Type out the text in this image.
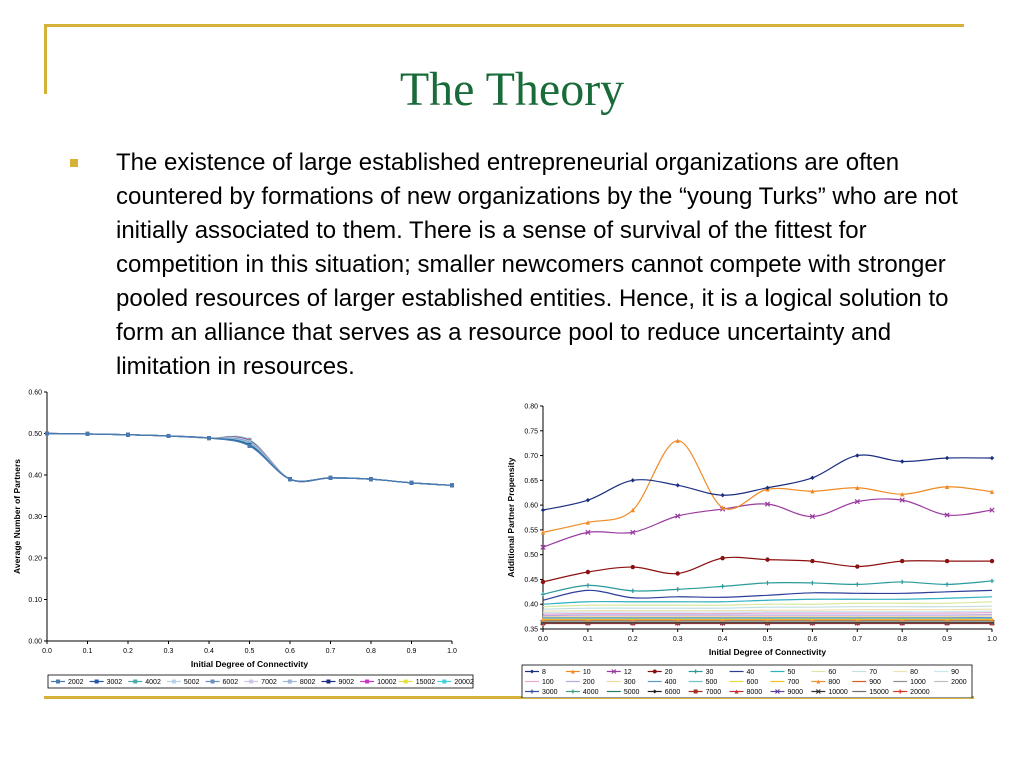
The Theory
The existence of large established entrepreneurial organizations are often countered by formations of new organizations by the “young Turks” who are not initially associated to them. There is a sense of survival of the fittest for competition in this situation; smaller newcomers cannot compete with stronger pooled resources of larger established entities. Hence, it is a logical solution to form an alliance that serves as a resource pool to reduce uncertainty and limitation in resources.
0.00
0.10
0.20
0.30
0.40
0.50
0.60
0.0	0.1	0.2	0.3	0.4	0.5	0.6	0.7	0.8	0.9	1.0
Initial Degree of Connectivity
Average Number of Partners
2002	3002	4002	5002	6002	7002	8002	9002	10002	15002	20002
0.35
0.40
0.45
0.50
0.55
0.60
0.65
0.70
0.75
0.80
0.0	0.1	0.2	0.3	0.4	0.5	0.6	0.7	0.8	0.9	1.0
Initial Degree of Connectivity
Additional Partner Propensity
8	10	12	20	30	40	50	60	70	80	90
100	200	300	400	500	600	700	800	900	1000	2000
3000	4000	5000	6000	7000	8000	9000	10000	15000	20000
